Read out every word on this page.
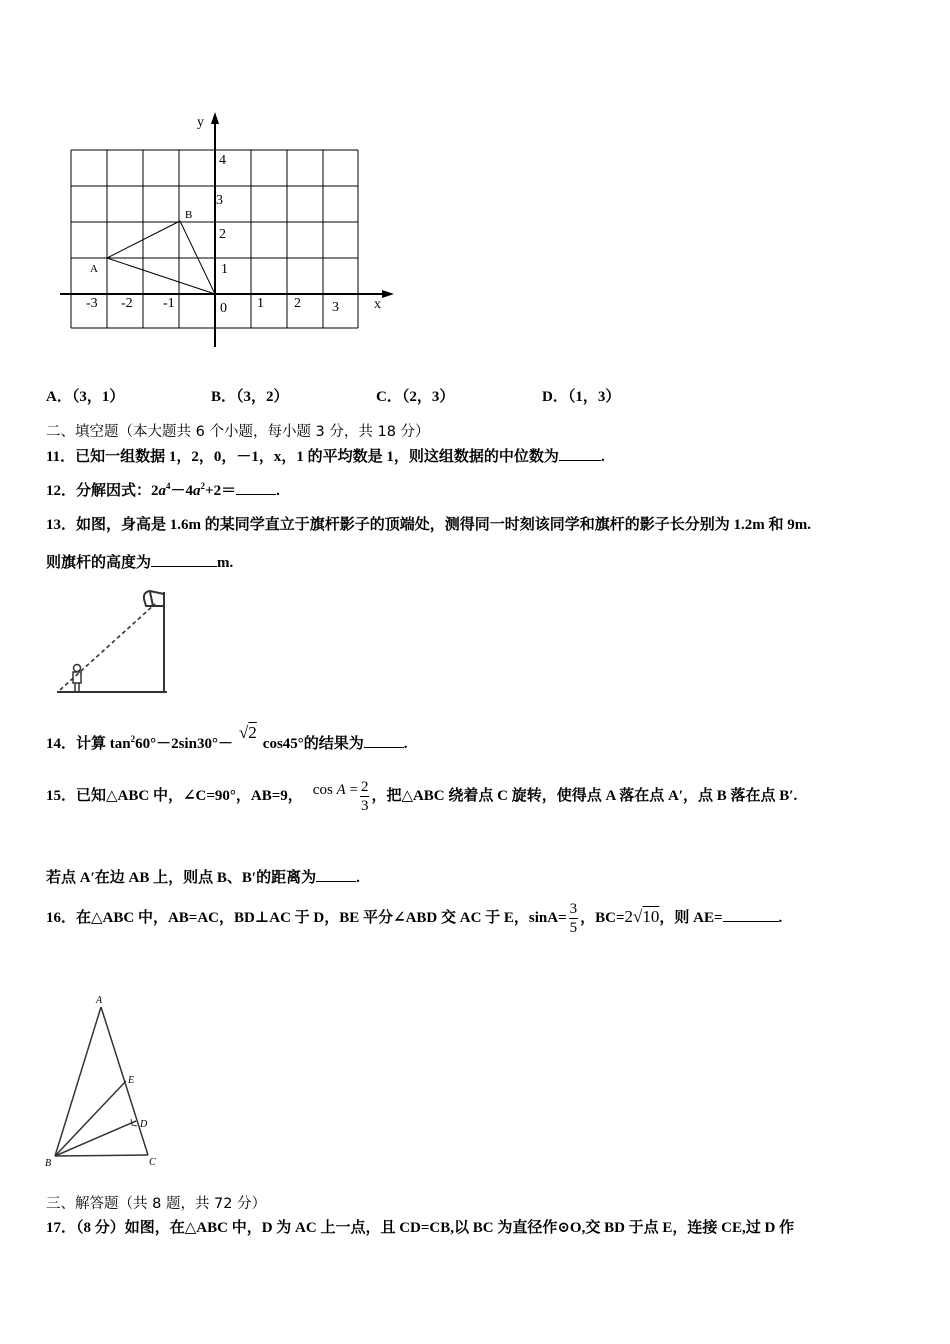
y
x
4
3
2
1
-3 -2 -1	0 1 2 3
A
B
A．（3，1）	B．（3，2）	C．（2，3）	D．（1，3）
二、填空题（本大题共 6 个小题，每小题 3 分，共 18 分）
11．已知一组数据 1，2，0，－1，x，1 的平均数是 1，则这组数据的中位数为	.
12．分解因式：$2a^4-4a^2+2=$	.
13．如图，身高是 1.6m 的某同学直立于旗杆影子的顶端处，测得同一时刻该同学和旗杆的影子长分别为 1.2m 和 9m.
则旗杆的高度为	m.
14．计算 $\tan^260^\circ-2\sin 30^\circ-√2\cos 45^\circ$的结果为	.
15．已知△ABC 中，∠C=90°，AB=9， $\cos A = \frac{2}{3}$ ，把△ABC 绕着点 C 旋转，使得点 A 落在点 A′，点 B 落在点 B′.
若点 A′在边 AB 上，则点 B、B′的距离为	.
16．在△ABC 中，AB=AC，BD⊥AC 于 D，BE 平分∠ABD 交 AC 于 E，$\sin A= \frac{3}{5}$ ，BC=2√10，则 AE=	.
A
B	C
D
E
三、解答题（共 8 题，共 72 分）
17．（8 分）如图，在△ABC 中，D 为 AC 上一点，且 CD=CB,以 BC 为直径作⊙O,交 BD 于点 E，连接 CE,过 D 作
